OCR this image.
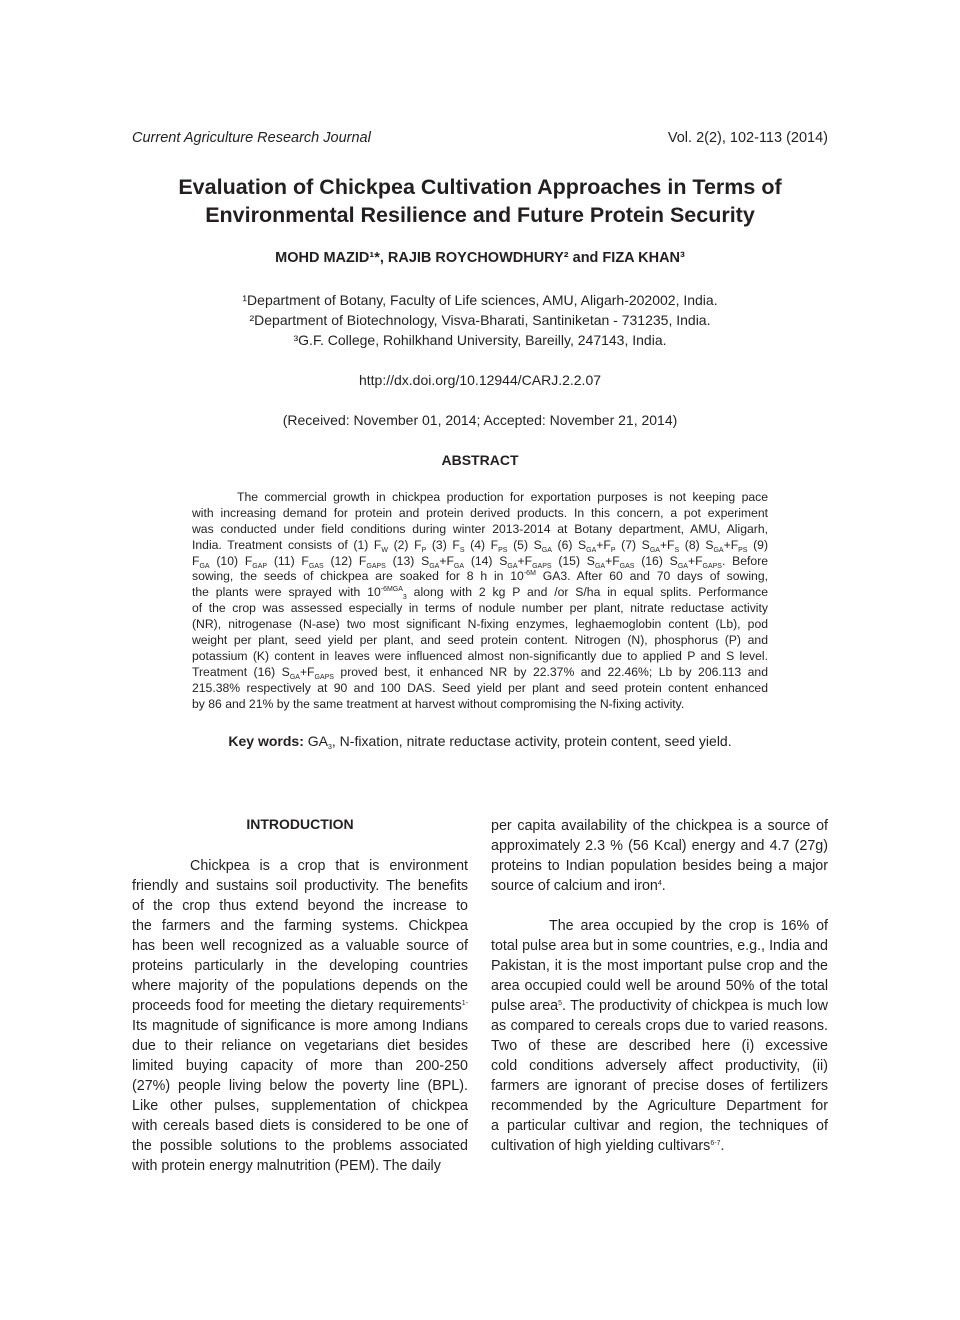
Current Agriculture Research Journal	Vol. 2(2), 102-113 (2014)
Evaluation of Chickpea Cultivation Approaches in Terms of
Environmental Resilience and Future Protein Security
MOHD MAZID¹*, RAJIB ROYCHOWDHURY² and FIZA KHAN³
¹Department of Botany, Faculty of Life sciences, AMU, Aligarh-202002, India.
²Department of Biotechnology, Visva-Bharati, Santiniketan - 731235, India.
³G.F. College, Rohilkhand University, Bareilly, 247143, India.
http://dx.doi.org/10.12944/CARJ.2.2.07
(Received: November 01, 2014; Accepted: November 21, 2014)
ABSTRACT
The commercial growth in chickpea production for exportation purposes is not keeping pace
with increasing demand for protein and protein derived products. In this concern, a pot experiment
was conducted under field conditions during winter 2013-2014 at Botany department, AMU, Aligarh,
India. Treatment consists of (1) $F_W$ (2) $F_P$ (3) $F_S$ (4) $F_{PS}$ (5) $S_{GA}$ (6) $S_{GA}+F_P$ (7) $S_{GA}+F_S$ (8) $S_{GA}+F_{PS}$ (9)
$F_{GA}$ (10) $F_{GAP}$ (11) $F_{GAS}$ (12) $F_{GAPS}$ (13) $S_{GA}+F_{GA}$ (14) $S_{GA}+F_{GAPS}$ (15) $S_{GA}+F_{GAS}$ (16) $S_{GA}+F_{GAPS}$. Before
sowing, the seeds of chickpea are soaked for 8 h in $10^{-6M}$ GA3. After 60 and 70 days of sowing,
the plants were sprayed with $10^{-6MGA}_3$ along with 2 kg P and /or S/ha in equal splits. Performance
of the crop was assessed especially in terms of nodule number per plant, nitrate reductase activity
(NR), nitrogenase (N-ase) two most significant N-fixing enzymes, leghaemoglobin content (Lb), pod
weight per plant, seed yield per plant, and seed protein content. Nitrogen (N), phosphorus (P) and
potassium (K) content in leaves were influenced almost non-significantly due to applied P and S level.
Treatment (16) $S_{GA}+F_{GAPS}$ proved best, it enhanced NR by 22.37% and 22.46%; Lb by 206.113 and
215.38% respectively at 90 and 100 DAS. Seed yield per plant and seed protein content enhanced
by 86 and 21% by the same treatment at harvest without compromising the N-fixing activity.
Key words: $GA_3$, N-fixation, nitrate reductase activity, protein content, seed yield.
INTRODUCTION
Chickpea is a crop that is environment
friendly and sustains soil productivity. The benefits
of the crop thus extend beyond the increase to
the farmers and the farming systems. Chickpea
has been well recognized as a valuable source of
proteins particularly in the developing countries
where majority of the populations depends on the
proceeds food for meeting the dietary requirements$^{1-}$
Its magnitude of significance is more among Indians
due to their reliance on vegetarians diet besides
limited buying capacity of more than 200-250
(27%) people living below the poverty line (BPL).
Like other pulses, supplementation of chickpea
with cereals based diets is considered to be one of
the possible solutions to the problems associated
with protein energy malnutrition (PEM). The daily
per capita availability of the chickpea is a source of
approximately 2.3 % (56 Kcal) energy and 4.7 (27g)
proteins to Indian population besides being a major
source of calcium and iron$^4$.
The area occupied by the crop is 16% of
total pulse area but in some countries, e.g., India and
Pakistan, it is the most important pulse crop and the
area occupied could well be around 50% of the total
pulse area$^5$. The productivity of chickpea is much low
as compared to cereals crops due to varied reasons.
Two of these are described here (i) excessive
cold conditions adversely affect productivity, (ii)
farmers are ignorant of precise doses of fertilizers
recommended by the Agriculture Department for
a particular cultivar and region, the techniques of
cultivation of high yielding cultivars$^{6-7}$.
